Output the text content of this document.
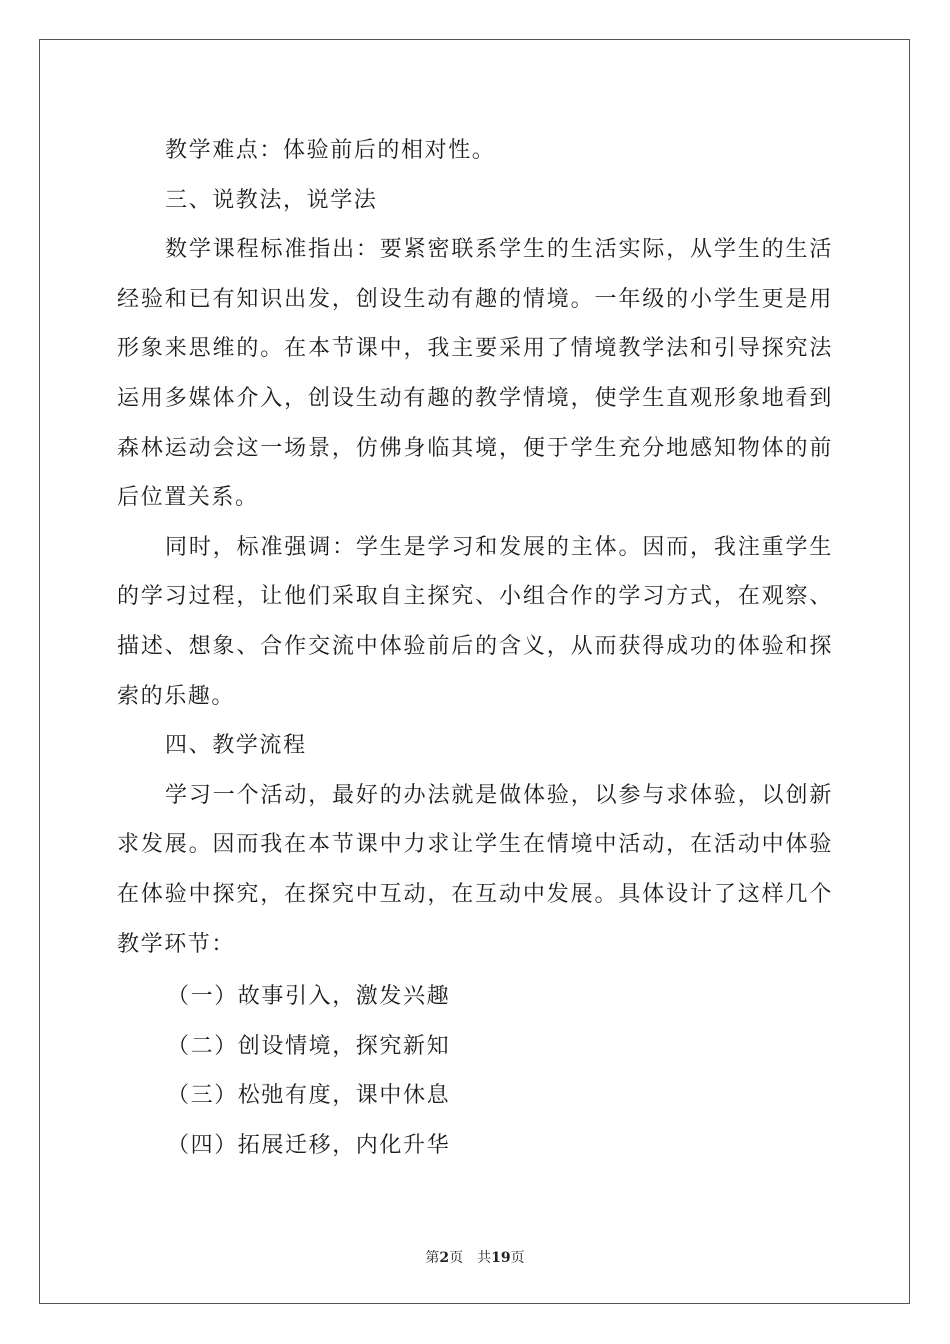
教学难点：体验前后的相对性。

三、说教法，说学法

数学课程标准指出：要紧密联系学生的生活实际，从学生的生活经验和已有知识出发，创设生动有趣的情境。一年级的小学生更是用形象来思维的。在本节课中，我主要采用了情境教学法和引导探究法运用多媒体介入，创设生动有趣的教学情境，使学生直观形象地看到森林运动会这一场景，仿佛身临其境，便于学生充分地感知物体的前后位置关系。

同时，标准强调：学生是学习和发展的主体。因而，我注重学生的学习过程，让他们采取自主探究、小组合作的学习方式，在观察、描述、想象、合作交流中体验前后的含义，从而获得成功的体验和探索的乐趣。

四、教学流程

学习一个活动，最好的办法就是做体验，以参与求体验，以创新求发展。因而我在本节课中力求让学生在情境中活动，在活动中体验在体验中探究，在探究中互动，在互动中发展。具体设计了这样几个教学环节：

（一）故事引入，激发兴趣

（二）创设情境，探究新知

（三）松弛有度，课中休息

（四）拓展迁移，内化升华

第2页 共19页
